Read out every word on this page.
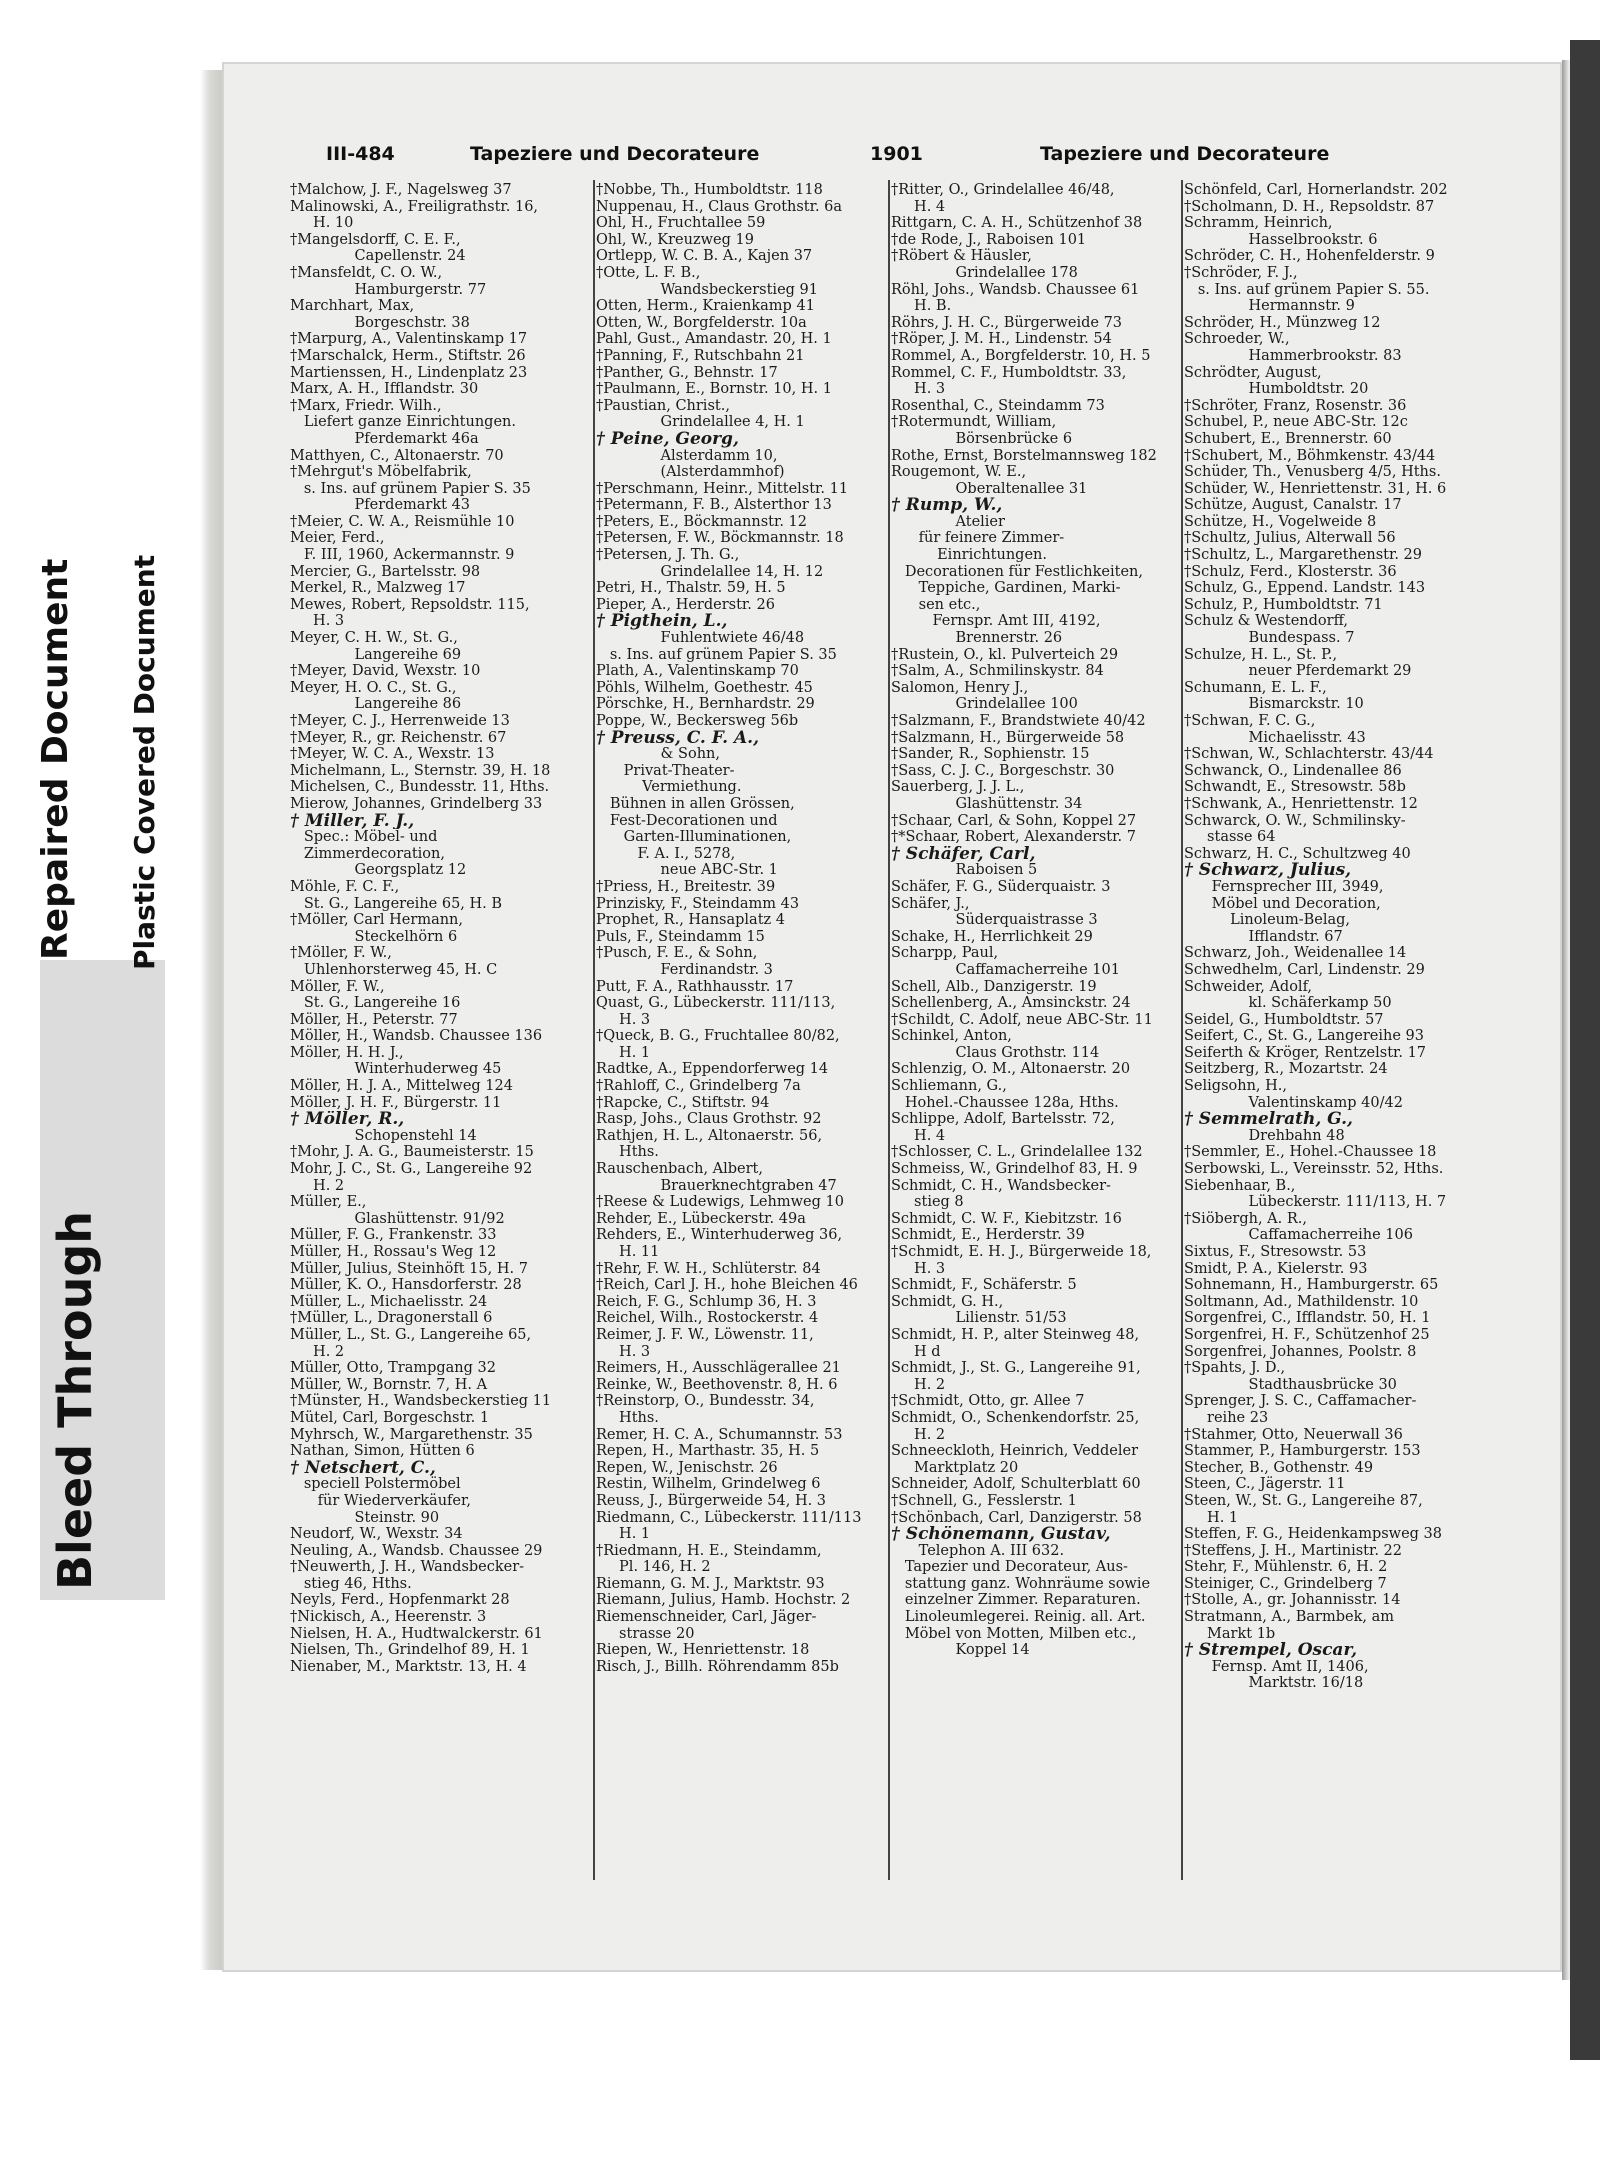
Bleed Through
Repaired Document Plastic Covered Document
III-484	Tapeziere und Decorateure	1901	Tapeziere und Decorateure
†Malchow, J. F., Nagelsweg 37
Malinowski, A., Freiligrathstr. 16,
H. 10
†Mangelsdorff, C. E. F.,
Capellenstr. 24
†Mansfeldt, C. O. W.,
Hamburgerstr. 77
Marchhart, Max,
Borgeschstr. 38
†Marpurg, A., Valentinskamp 17
†Marschalck, Herm., Stiftstr. 26
Martienssen, H., Lindenplatz 23
Marx, A. H., Ifflandstr. 30
†Marx, Friedr. Wilh.,
Liefert ganze Einrichtungen.
Pferdemarkt 46a
Matthyen, C., Altonaerstr. 70
†Mehrgut's Möbelfabrik,
s. Ins. auf grünem Papier S. 35
Pferdemarkt 43
†Meier, C. W. A., Reismühle 10
Meier, Ferd.,
F. III, 1960, Ackermannstr. 9
Mercier, G., Bartelsstr. 98
Merkel, R., Malzweg 17
Mewes, Robert, Repsoldstr. 115,
H. 3
Meyer, C. H. W., St. G.,
Langereihe 69
†Meyer, David, Wexstr. 10
Meyer, H. O. C., St. G.,
Langereihe 86
†Meyer, C. J., Herrenweide 13
†Meyer, R., gr. Reichenstr. 67
†Meyer, W. C. A., Wexstr. 13
Michelmann, L., Sternstr. 39, H. 18
Michelsen, C., Bundesstr. 11, Hths.
Mierow, Johannes, Grindelberg 33
† Miller, F. J.,
Spec.: Möbel- und
Zimmerdecoration,
Georgsplatz 12
Möhle, F. C. F.,
St. G., Langereihe 65, H. B
†Möller, Carl Hermann,
Steckelhörn 6
†Möller, F. W.,
Uhlenhorsterweg 45, H. C
Möller, F. W.,
St. G., Langereihe 16
Möller, H., Peterstr. 77
Möller, H., Wandsb. Chaussee 136
Möller, H. H. J.,
Winterhuderweg 45
Möller, H. J. A., Mittelweg 124
Möller, J. H. F., Bürgerstr. 11
† Möller, R.,
Schopenstehl 14
†Mohr, J. A. G., Baumeisterstr. 15
Mohr, J. C., St. G., Langereihe 92
H. 2
Müller, E.,
Glashüttenstr. 91/92
Müller, F. G., Frankenstr. 33
Müller, H., Rossau's Weg 12
Müller, Julius, Steinhöft 15, H. 7
Müller, K. O., Hansdorferstr. 28
Müller, L., Michaelisstr. 24
†Müller, L., Dragonerstall 6
Müller, L., St. G., Langereihe 65,
H. 2
Müller, Otto, Trampgang 32
Müller, W., Bornstr. 7, H. A
†Münster, H., Wandsbeckerstieg 11
Mütel, Carl, Borgeschstr. 1
Myhrsch, W., Margarethenstr. 35
Nathan, Simon, Hütten 6
† Netschert, C.,
speciell Polstermöbel
für Wiederverkäufer,
Steinstr. 90
Neudorf, W., Wexstr. 34
Neuling, A., Wandsb. Chaussee 29
†Neuwerth, J. H., Wandsbecker-
stieg 46, Hths.
Neyls, Ferd., Hopfenmarkt 28
†Nickisch, A., Heerenstr. 3
Nielsen, H. A., Hudtwalckerstr. 61
Nielsen, Th., Grindelhof 89, H. 1
Nienaber, M., Marktstr. 13, H. 4
†Nobbe, Th., Humboldtstr. 118
Nuppenau, H., Claus Grothstr. 6a
Ohl, H., Fruchtallee 59
Ohl, W., Kreuzweg 19
Ortlepp, W. C. B. A., Kajen 37
†Otte, L. F. B.,
Wandsbeckerstieg 91
Otten, Herm., Kraienkamp 41
Otten, W., Borgfelderstr. 10a
Pahl, Gust., Amandastr. 20, H. 1
†Panning, F., Rutschbahn 21
†Panther, G., Behnstr. 17
†Paulmann, E., Bornstr. 10, H. 1
†Paustian, Christ.,
Grindelallee 4, H. 1
† Peine, Georg,
Alsterdamm 10,
(Alsterdammhof)
†Perschmann, Heinr., Mittelstr. 11
†Petermann, F. B., Alsterthor 13
†Peters, E., Böckmannstr. 12
†Petersen, F. W., Böckmannstr. 18
†Petersen, J. Th. G.,
Grindelallee 14, H. 12
Petri, H., Thalstr. 59, H. 5
Pieper, A., Herderstr. 26
† Pigthein, L.,
Fuhlentwiete 46/48
s. Ins. auf grünem Papier S. 35
Plath, A., Valentinskamp 70
Pöhls, Wilhelm, Goethestr. 45
Pörschke, H., Bernhardstr. 29
Poppe, W., Beckersweg 56b
† Preuss, C. F. A.,
& Sohn,
Privat-Theater-
Vermiethung.
Bühnen in allen Grössen,
Fest-Decorationen und
Garten-Illuminationen,
F. A. I., 5278,
neue ABC-Str. 1
†Priess, H., Breitestr. 39
Prinzisky, F., Steindamm 43
Prophet, R., Hansaplatz 4
Puls, F., Steindamm 15
†Pusch, F. E., & Sohn,
Ferdinandstr. 3
Putt, F. A., Rathhausstr. 17
Quast, G., Lübeckerstr. 111/113,
H. 3
†Queck, B. G., Fruchtallee 80/82,
H. 1
Radtke, A., Eppendorferweg 14
†Rahloff, C., Grindelberg 7a
†Rapcke, C., Stiftstr. 94
Rasp, Johs., Claus Grothstr. 92
Rathjen, H. L., Altonaerstr. 56,
Hths.
Rauschenbach, Albert,
Brauerknechtgraben 47
†Reese & Ludewigs, Lehmweg 10
Rehder, E., Lübeckerstr. 49a
Rehders, E., Winterhuderweg 36,
H. 11
†Rehr, F. W. H., Schlüterstr. 84
†Reich, Carl J. H., hohe Bleichen 46
Reich, F. G., Schlump 36, H. 3
Reichel, Wilh., Rostockerstr. 4
Reimer, J. F. W., Löwenstr. 11,
H. 3
Reimers, H., Ausschlägerallee 21
Reinke, W., Beethovenstr. 8, H. 6
†Reinstorp, O., Bundesstr. 34,
Hths.
Remer, H. C. A., Schumannstr. 53
Repen, H., Marthastr. 35, H. 5
Repen, W., Jenischstr. 26
Restin, Wilhelm, Grindelweg 6
Reuss, J., Bürgerweide 54, H. 3
Riedmann, C., Lübeckerstr. 111/113
H. 1
†Riedmann, H. E., Steindamm,
Pl. 146, H. 2
Riemann, G. M. J., Marktstr. 93
Riemann, Julius, Hamb. Hochstr. 2
Riemenschneider, Carl, Jäger-
strasse 20
Riepen, W., Henriettenstr. 18
Risch, J., Billh. Röhrendamm 85b
†Ritter, O., Grindelallee 46/48,
H. 4
Rittgarn, C. A. H., Schützenhof 38
†de Rode, J., Raboisen 101
†Röbert & Häusler,
Grindelallee 178
Röhl, Johs., Wandsb. Chaussee 61
H. B.
Röhrs, J. H. C., Bürgerweide 73
†Röper, J. M. H., Lindenstr. 54
Rommel, A., Borgfelderstr. 10, H. 5
Rommel, C. F., Humboldtstr. 33,
H. 3
Rosenthal, C., Steindamm 73
†Rotermundt, William,
Börsenbrücke 6
Rothe, Ernst, Borstelmannsweg 182
Rougemont, W. E.,
Oberaltenallee 31
† Rump, W.,
Atelier
für feinere Zimmer-
Einrichtungen.
Decorationen für Festlichkeiten,
Teppiche, Gardinen, Marki-
sen etc.,
Fernspr. Amt III, 4192,
Brennerstr. 26
†Rustein, O., kl. Pulverteich 29
†Salm, A., Schmilinskystr. 84
Salomon, Henry J.,
Grindelallee 100
†Salzmann, F., Brandstwiete 40/42
†Salzmann, H., Bürgerweide 58
†Sander, R., Sophienstr. 15
†Sass, C. J. C., Borgeschstr. 30
Sauerberg, J. J. L.,
Glashüttenstr. 34
†Schaar, Carl, & Sohn, Koppel 27
†*Schaar, Robert, Alexanderstr. 7
† Schäfer, Carl,
Raboisen 5
Schäfer, F. G., Süderquaistr. 3
Schäfer, J.,
Süderquaistrasse 3
Schake, H., Herrlichkeit 29
Scharpp, Paul,
Caffamacherreihe 101
Schell, Alb., Danzigerstr. 19
Schellenberg, A., Amsinckstr. 24
†Schildt, C. Adolf, neue ABC-Str. 11
Schinkel, Anton,
Claus Grothstr. 114
Schlenzig, O. M., Altonaerstr. 20
Schliemann, G.,
Hohel.-Chaussee 128a, Hths.
Schlippe, Adolf, Bartelsstr. 72,
H. 4
†Schlosser, C. L., Grindelallee 132
Schmeiss, W., Grindelhof 83, H. 9
Schmidt, C. H., Wandsbecker-
stieg 8
Schmidt, C. W. F., Kiebitzstr. 16
Schmidt, E., Herderstr. 39
†Schmidt, E. H. J., Bürgerweide 18,
H. 3
Schmidt, F., Schäferstr. 5
Schmidt, G. H.,
Lilienstr. 51/53
Schmidt, H. P., alter Steinweg 48,
H d
Schmidt, J., St. G., Langereihe 91,
H. 2
†Schmidt, Otto, gr. Allee 7
Schmidt, O., Schenkendorfstr. 25,
H. 2
Schneeckloth, Heinrich, Veddeler
Marktplatz 20
Schneider, Adolf, Schulterblatt 60
†Schnell, G., Fesslerstr. 1
†Schönbach, Carl, Danzigerstr. 58
† Schönemann, Gustav,
Telephon A. III 632.
Tapezier und Decorateur, Aus-
stattung ganz. Wohnräume sowie
einzelner Zimmer. Reparaturen.
Linoleumlegerei. Reinig. all. Art.
Möbel von Motten, Milben etc.,
Koppel 14
Schönfeld, Carl, Hornerlandstr. 202
†Scholmann, D. H., Repsoldstr. 87
Schramm, Heinrich,
Hasselbrookstr. 6
Schröder, C. H., Hohenfelderstr. 9
†Schröder, F. J.,
s. Ins. auf grünem Papier S. 55.
Hermannstr. 9
Schröder, H., Münzweg 12
Schroeder, W.,
Hammerbrookstr. 83
Schrödter, August,
Humboldtstr. 20
†Schröter, Franz, Rosenstr. 36
Schubel, P., neue ABC-Str. 12c
Schubert, E., Brennerstr. 60
†Schubert, M., Böhmkenstr. 43/44
Schüder, Th., Venusberg 4/5, Hths.
Schüder, W., Henriettenstr. 31, H. 6
Schütze, August, Canalstr. 17
Schütze, H., Vogelweide 8
†Schultz, Julius, Alterwall 56
†Schultz, L., Margarethenstr. 29
†Schulz, Ferd., Klosterstr. 36
Schulz, G., Eppend. Landstr. 143
Schulz, P., Humboldtstr. 71
Schulz & Westendorff,
Bundespass. 7
Schulze, H. L., St. P.,
neuer Pferdemarkt 29
Schumann, E. L. F.,
Bismarckstr. 10
†Schwan, F. C. G.,
Michaelisstr. 43
†Schwan, W., Schlachterstr. 43/44
Schwanck, O., Lindenallee 86
Schwandt, E., Stresowstr. 58b
†Schwank, A., Henriettenstr. 12
Schwarck, O. W., Schmilinsky-
stasse 64
Schwarz, H. C., Schultzweg 40
† Schwarz, Julius,
Fernsprecher III, 3949,
Möbel und Decoration,
Linoleum-Belag,
Ifflandstr. 67
Schwarz, Joh., Weidenallee 14
Schwedhelm, Carl, Lindenstr. 29
Schweider, Adolf,
kl. Schäferkamp 50
Seidel, G., Humboldtstr. 57
Seifert, C., St. G., Langereihe 93
Seiferth & Kröger, Rentzelstr. 17
Seitzberg, R., Mozartstr. 24
Seligsohn, H.,
Valentinskamp 40/42
† Semmelrath, G.,
Drehbahn 48
†Semmler, E., Hohel.-Chaussee 18
Serbowski, L., Vereinsstr. 52, Hths.
Siebenhaar, B.,
Lübeckerstr. 111/113, H. 7
†Siöbergh, A. R.,
Caffamacherreihe 106
Sixtus, F., Stresowstr. 53
Smidt, P. A., Kielerstr. 93
Sohnemann, H., Hamburgerstr. 65
Soltmann, Ad., Mathildenstr. 10
Sorgenfrei, C., Ifflandstr. 50, H. 1
Sorgenfrei, H. F., Schützenhof 25
Sorgenfrei, Johannes, Poolstr. 8
†Spahts, J. D.,
Stadthausbrücke 30
Sprenger, J. S. C., Caffamacher-
reihe 23
†Stahmer, Otto, Neuerwall 36
Stammer, P., Hamburgerstr. 153
Stecher, B., Gothenstr. 49
Steen, C., Jägerstr. 11
Steen, W., St. G., Langereihe 87,
H. 1
Steffen, F. G., Heidenkampsweg 38
†Steffens, J. H., Martinistr. 22
Stehr, F., Mühlenstr. 6, H. 2
Steiniger, C., Grindelberg 7
†Stolle, A., gr. Johannisstr. 14
Stratmann, A., Barmbek, am
Markt 1b
† Strempel, Oscar,
Fernsp. Amt II, 1406,
Marktstr. 16/18
